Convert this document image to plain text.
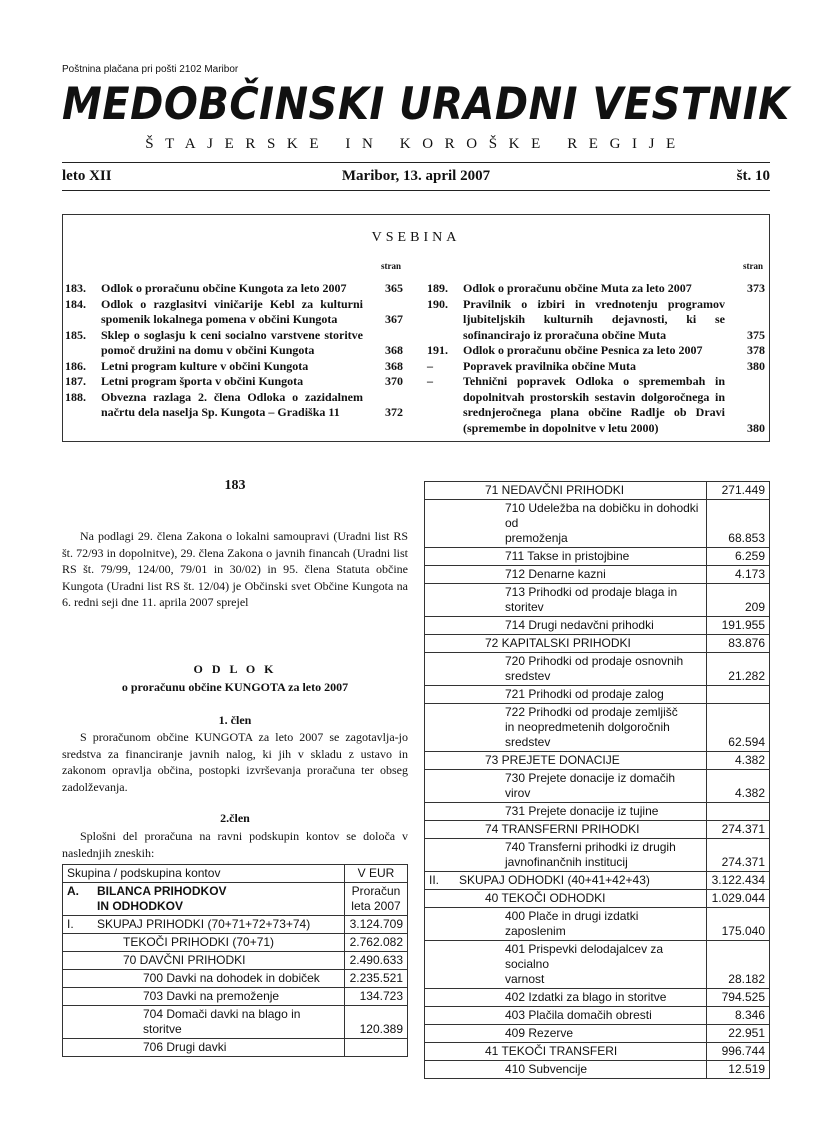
Poštnina plačana pri pošti 2102 Maribor
MEDOBČINSKI URADNI VESTNIK
ŠTAJERSKE IN KOROŠKE REGIJE
leto XII	Maribor, 13. april 2007	št. 10
VSEBINA
stran
183. Odlok o proračunu občine Kungota za leto 2007	365
184. Odlok o razglasitvi viničarije Kebl za kulturni spomenik lokalnega pomena v občini Kungota	367
185. Sklep o soglasju k ceni socialno varstvene storitve pomoč družini na domu v občini Kungota	368
186. Letni program kulture v občini Kungota	368
187. Letni program športa v občini Kungota	370
188. Obvezna razlaga 2. člena Odloka o zazidalnem načrtu dela naselja Sp. Kungota – Gradiška 11	372
stran
189. Odlok o proračunu občine Muta za leto 2007	373
190. Pravilnik o izbiri in vrednotenju programov ljubiteljskih kulturnih dejavnosti, ki se sofinancirajo iz proračuna občine Muta	375
191. Odlok o proračunu občine Pesnica za leto 2007	378
–	Popravek pravilnika občine Muta	380
–	Tehnični popravek Odloka o spremembah in dopolnitvah prostorskih sestavin dolgoročnega in srednjeročnega plana občine Radlje ob Dravi (spremembe in dopolnitve v letu 2000)	380
183
Na podlagi 29. člena Zakona o lokalni samoupravi (Uradni list RS št. 72/93 in dopolnitve), 29. člena Zakona o javnih financah (Uradni list RS št. 79/99, 124/00, 79/01 in 30/02) in 95. člena Statuta občine Kungota (Uradni list RS št. 12/04) je Občinski svet Občine Kungota na 6. redni seji dne 11. aprila 2007 sprejel
O D L O K
o proračunu občine KUNGOTA za leto 2007
1. člen
S proračunom občine KUNGOTA za leto 2007 se zagotavlja-jo sredstva za financiranje javnih nalog, ki jih v skladu z ustavo in zakonom opravlja občina, postopki izvrševanja proračuna ter obseg zadolževanja.
2.člen
Splošni del proračuna na ravni podskupin kontov se določa v naslednjih zneskih:
Skupina / podskupina kontov		V EUR
A.	BILANCA PRIHODKOV
IN ODHODKOV	Proračun
leta 2007
I.	SKUPAJ PRIHODKI (70+71+72+73+74)	3.124.709
	TEKOČI PRIHODKI (70+71)	2.762.082
	70 DAVČNI PRIHODKI	2.490.633
	700 Davki na dohodek in dobiček	2.235.521
	703 Davki na premoženje	134.723
	704 Domači davki na blago in storitve	120.389
	706 Drugi davki	
	71 NEDAVČNI PRIHODKI	271.449
	710 Udeležba na dobičku in dohodki od
premoženja	68.853
	711 Takse in pristojbine	6.259
	712 Denarne kazni	4.173
	713 Prihodki od prodaje blaga in storitev	209
	714 Drugi nedavčni prihodki	191.955
	72 KAPITALSKI PRIHODKI	83.876
	720 Prihodki od prodaje osnovnih
sredstev	21.282
	721 Prihodki od prodaje zalog	
	722 Prihodki od prodaje zemljišč
in neopredmetenih dolgoročnih
sredstev	62.594
	73 PREJETE DONACIJE	4.382
	730 Prejete donacije iz domačih virov	4.382
	731 Prejete donacije iz tujine	
	74 TRANSFERNI PRIHODKI	274.371
	740 Transferni prihodki iz drugih
javnofinančnih institucij	274.371
II.	SKUPAJ ODHODKI (40+41+42+43)	3.122.434
	40 TEKOČI ODHODKI	1.029.044
	400 Plače in drugi izdatki zaposlenim	175.040
	401 Prispevki delodajalcev za socialno
varnost	28.182
	402 Izdatki za blago in storitve	794.525
	403 Plačila domačih obresti	8.346
	409 Rezerve	22.951
	41 TEKOČI TRANSFERI	996.744
	410 Subvencije	12.519
